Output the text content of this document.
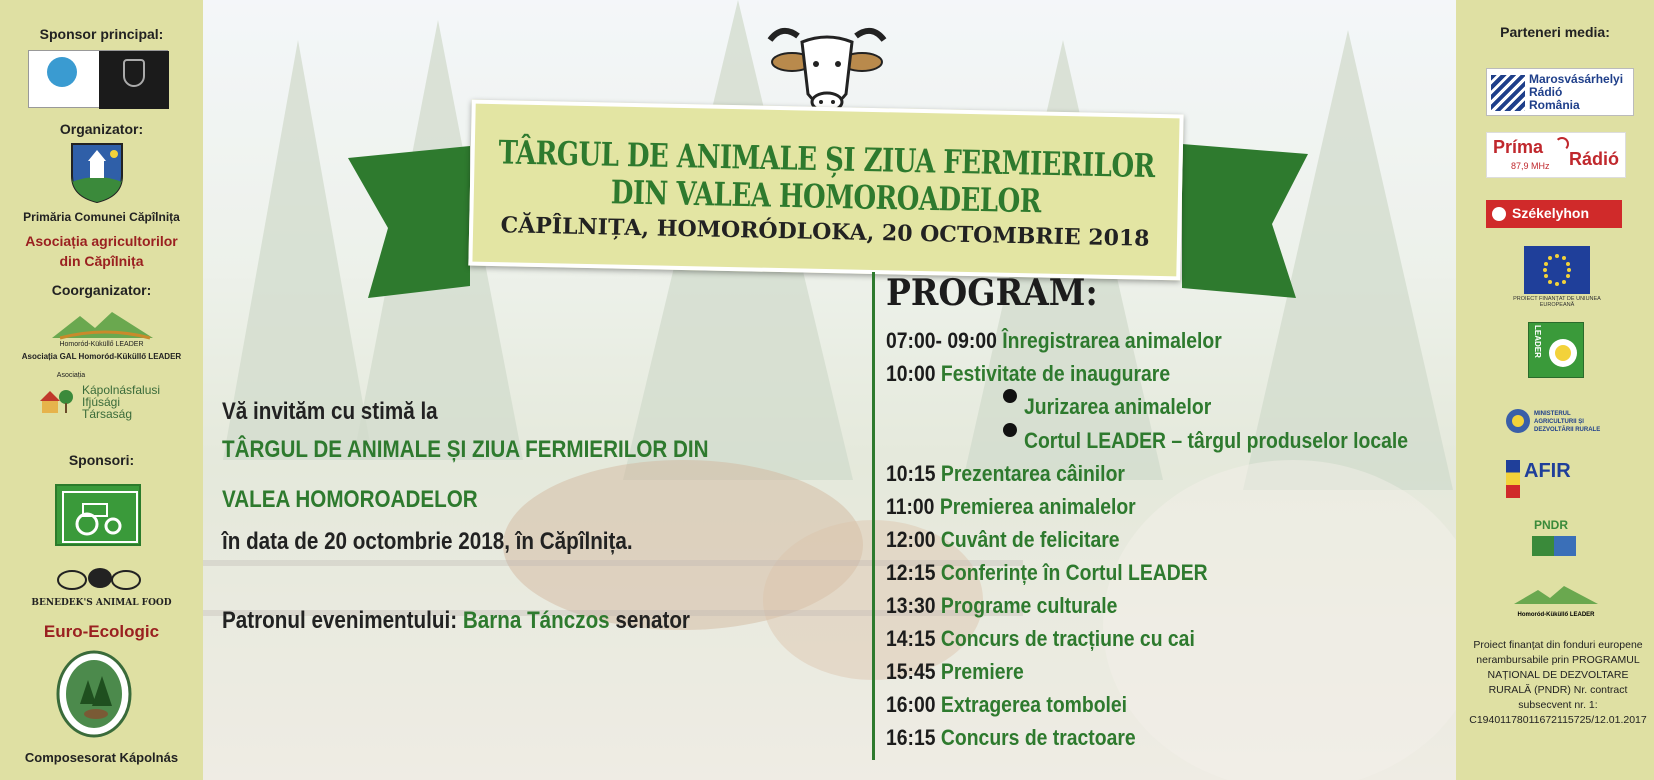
Sponsor principal:
Organizator:
Primăria Comunei Căpîlnița
Asociația agricultorilor
din Căpîlnița
Coorganizator:
Homoród-Küküllő LEADER
Asociația GAL Homoród-Küküllő LEADER
Asociația
Kápolnásfalusi
Ifjúsági
Társaság
Sponsori:
BENEDEK'S ANIMAL FOOD
Euro-Ecologic
Composesorat Kápolnás
TÂRGUL DE ANIMALE ȘI ZIUA FERMIERILOR DIN VALEA HOMOROADELOR
CĂPÎLNIȚA, HOMORÓDLOKA, 20 OCTOMBRIE 2018
Vă invităm cu stimă la
TÂRGUL DE ANIMALE ȘI ZIUA FERMIERILOR DIN
VALEA HOMOROADELOR
în data de 20 octombrie 2018, în Căpîlnița.
Patronul evenimentului: Barna Tánczos senator
PROGRAM:
07:00- 09:00 Înregistrarea animalelor
10:00 Festivitate de inaugurare
Jurizarea animalelor
Cortul LEADER – târgul produselor locale
10:15 Prezentarea câinilor
11:00 Premierea animalelor
12:00 Cuvânt de felicitare
12:15 Conferințe în Cortul LEADER
13:30 Programe culturale
14:15 Concurs de tracțiune cu cai
15:45 Premiere
16:00 Extragerea tombolei
16:15 Concurs de tractoare
Parteneri media:
Marosvásárhelyi
Rádió
România
Príma
Rádió
87,9 MHz
Székelyhon
PROIECT FINANȚAT DE UNIUNEA EUROPEANĂ
LEADER
MINISTERUL AGRICULTURII ȘI DEZVOLTĂRII RURALE
AFIR
PNDR
Homoród-Küküllő LEADER
Proiect finanțat din fonduri europene nerambursabile prin PROGRAMUL NAȚIONAL DE DEZVOLTARE RURALĂ (PNDR) Nr. contract subsecvent nr. 1: C19401178011672115725/12.01.2017
